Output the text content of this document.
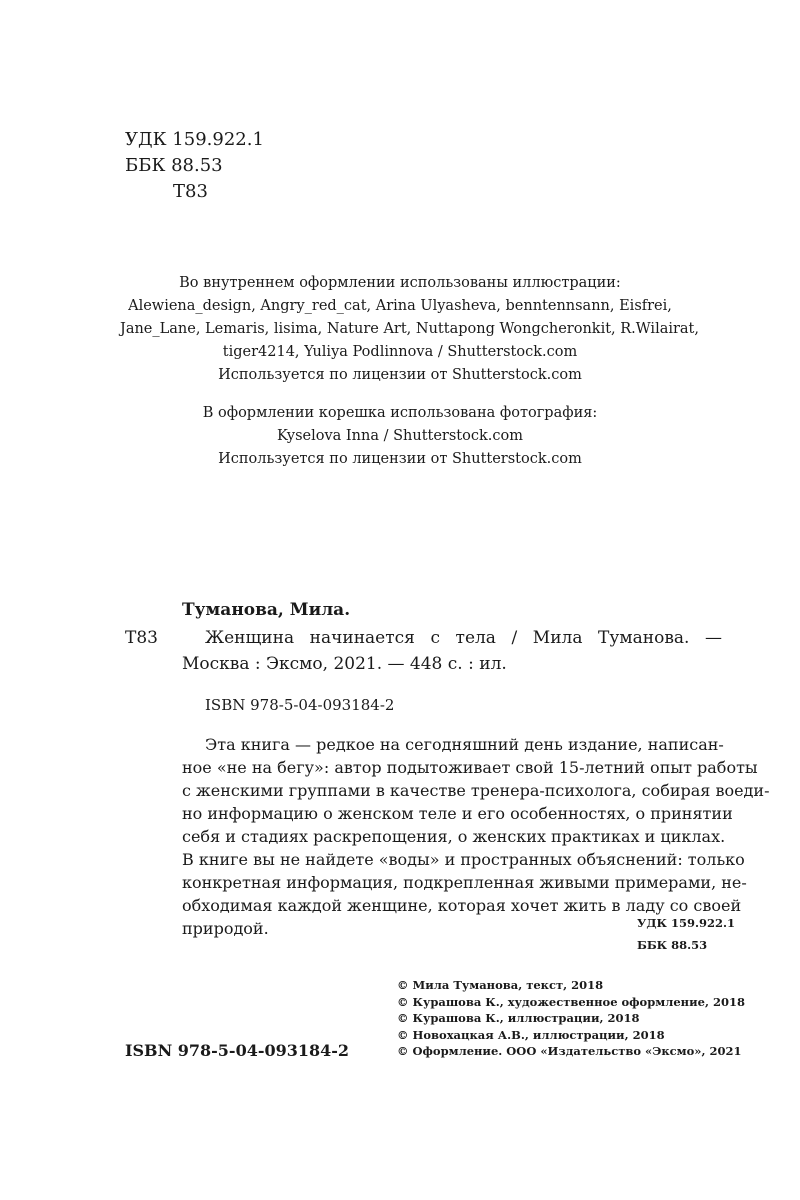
УДК 159.922.1
ББК 88.53
Т83
Во внутреннем оформлении использованы иллюстрации:
Alewiena_design, Angry_red_cat, Arina Ulyasheva, benntennsann, Eisfrei,
Jane_Lane, Lemaris, lisima, Nature Art, Nuttapong Wongcheronkit, R.Wilairat,
tiger4214, Yuliya Podlinnova / Shutterstock.com
Используется по лицензии от Shutterstock.com
В оформлении корешка использована фотография:
Kyselova Inna / Shutterstock.com
Используется по лицензии от Shutterstock.com
Туманова, Мила.
Т83	Женщина начинается с тела / Мила Туманова. —
Москва : Эксмо, 2021. — 448 с. : ил.
ISBN 978-5-04-093184-2
Эта книга — редкое на сегодняшний день издание, написан-
ное «не на бегу»: автор подытоживает свой 15-летний опыт работы
с женскими группами в качестве тренера-психолога, собирая воеди-
но информацию о женском теле и его особенностях, о принятии
себя и стадиях раскрепощения, о женских практиках и циклах.
В книге вы не найдете «воды» и пространных объяснений: только
конкретная информация, подкрепленная живыми примерами, не-
обходимая каждой женщине, которая хочет жить в ладу со своей
природой.	УДК 159.922.1
ББК 88.53
© Мила Туманова, текст, 2018
© Курашова К., художественное оформление, 2018
© Курашова К., иллюстрации, 2018
© Новохацкая А.В., иллюстрации, 2018
© Оформление. ООО «Издательство «Эксмо», 2021
ISBN 978-5-04-093184-2
